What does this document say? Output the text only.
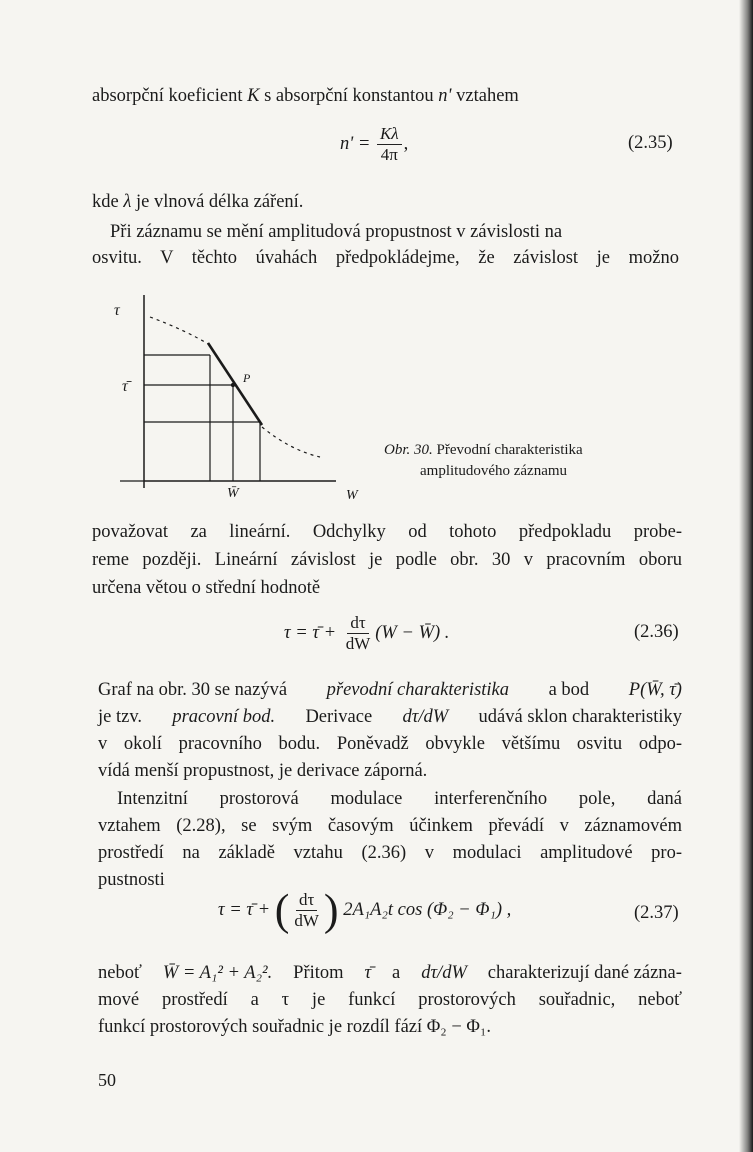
absorpční koeficient K s absorpční konstantou n' vztahem
$n' = \frac{K\lambda}{4\pi}$ ,	(2.35)
kde λ je vlnová délka záření.
Při záznamu se mění amplitudová propustnost v závislosti na
osvitu. V těchto úvahách předpokládejme, že závislost je možno
τ
τ̄	P
W̄	W
Obr. 30. Převodní charakteristika
amplitudového záznamu
považovat za lineární. Odchylky od tohoto předpokladu probe-
reme později. Lineární závislost je podle obr. 30 v pracovním oboru
určena větou o střední hodnotě
τ = τ̄ + $\frac{d\tau}{dW} (W$ − W̄) .	(2.36)
Graf na obr. 30 se nazývá převodní charakteristika a bod P(W̄, τ̄)
je tzv. pracovní bod. Derivace dτ/dW udává sklon charakteristiky
v okolí pracovního bodu. Poněvadž obvykle většímu osvitu odpo-
vídá menší propustnost, je derivace záporná.
Intenzitní prostorová modulace interferenčního pole, daná
vztahem (2.28), se svým časovým účinkem převádí v záznamovém
prostředí na základě vztahu (2.36) v modulaci amplitudové pro-
pustnosti
τ = τ̄ + ( $\frac{d\tau}{dW}$ ) 2A₁A₂t cos (Φ₂ − Φ₁) ,	(2.37)
neboť W̄ = A₁² + A₂². Přitom τ̄ a dτ/dW charakterizují dané zázna-
mové prostředí a τ je funkcí prostorových souřadnic, neboť
funkcí prostorových souřadnic je rozdíl fází Φ₂ − Φ₁.
50
